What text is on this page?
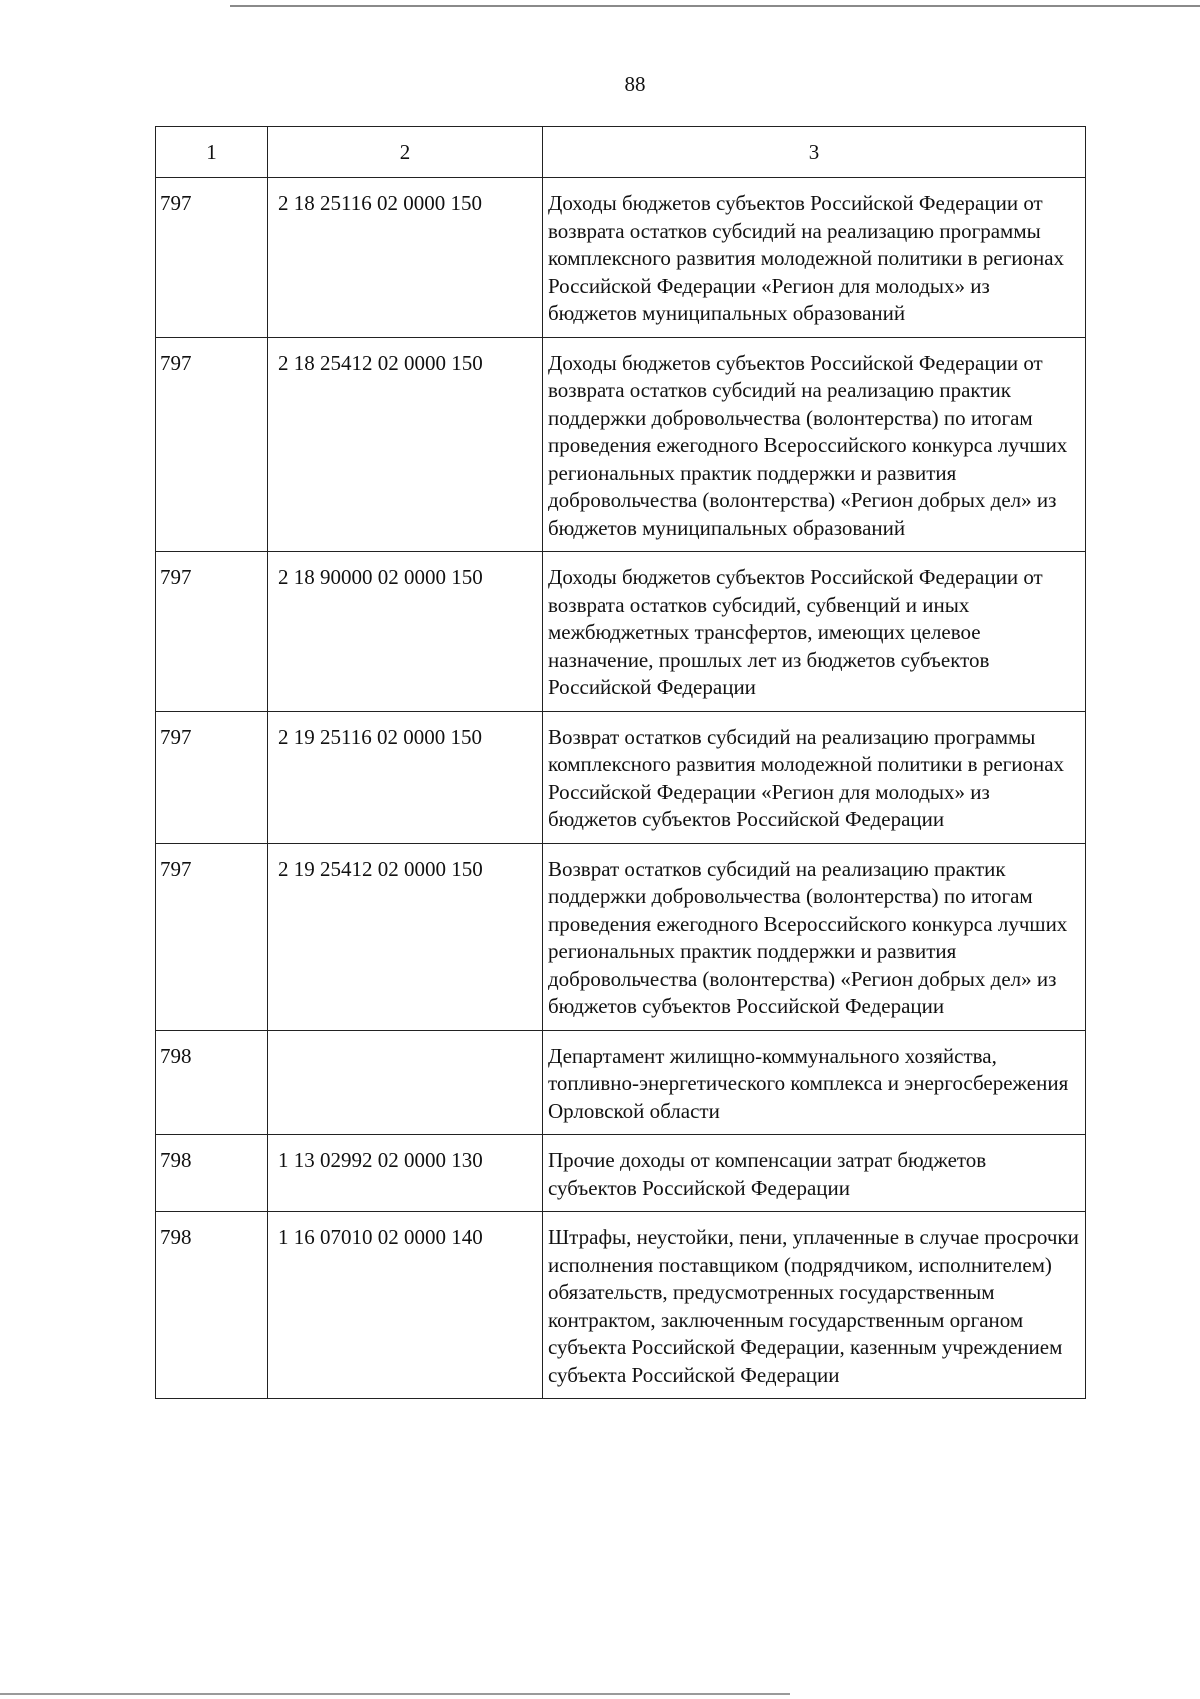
88
1	2	3
797	2 18 25116 02 0000 150	Доходы бюджетов субъектов Российской Федерации от возврата остатков субсидий на реализацию программы комплексного развития молодежной политики в регионах Российской Федерации «Регион для молодых» из бюджетов муниципальных образований
797	2 18 25412 02 0000 150	Доходы бюджетов субъектов Российской Федерации от возврата остатков субсидий на реализацию практик поддержки добровольчества (волонтерства) по итогам проведения ежегодного Всероссийского конкурса лучших региональных практик поддержки и развития добровольчества (волонтерства) «Регион добрых дел» из бюджетов муниципальных образований
797	2 18 90000 02 0000 150	Доходы бюджетов субъектов Российской Федерации от возврата остатков субсидий, субвенций и иных межбюджетных трансфертов, имеющих целевое назначение, прошлых лет из бюджетов субъектов Российской Федерации
797	2 19 25116 02 0000 150	Возврат остатков субсидий на реализацию программы комплексного развития молодежной политики в регионах Российской Федерации «Регион для молодых» из бюджетов субъектов Российской Федерации
797	2 19 25412 02 0000 150	Возврат остатков субсидий на реализацию практик поддержки добровольчества (волонтерства) по итогам проведения ежегодного Всероссийского конкурса лучших региональных практик поддержки и развития добровольчества (волонтерства) «Регион добрых дел» из бюджетов субъектов Российской Федерации
798		Департамент жилищно-коммунального хозяйства, топливно-энергетического комплекса и энергосбережения Орловской области
798	1 13 02992 02 0000 130	Прочие доходы от компенсации затрат бюджетов субъектов Российской Федерации
798	1 16 07010 02 0000 140	Штрафы, неустойки, пени, уплаченные в случае просрочки исполнения поставщиком (подрядчиком, исполнителем) обязательств, предусмотренных государственным контрактом, заключенным государственным органом субъекта Российской Федерации, казенным учреждением субъекта Российской Федерации
